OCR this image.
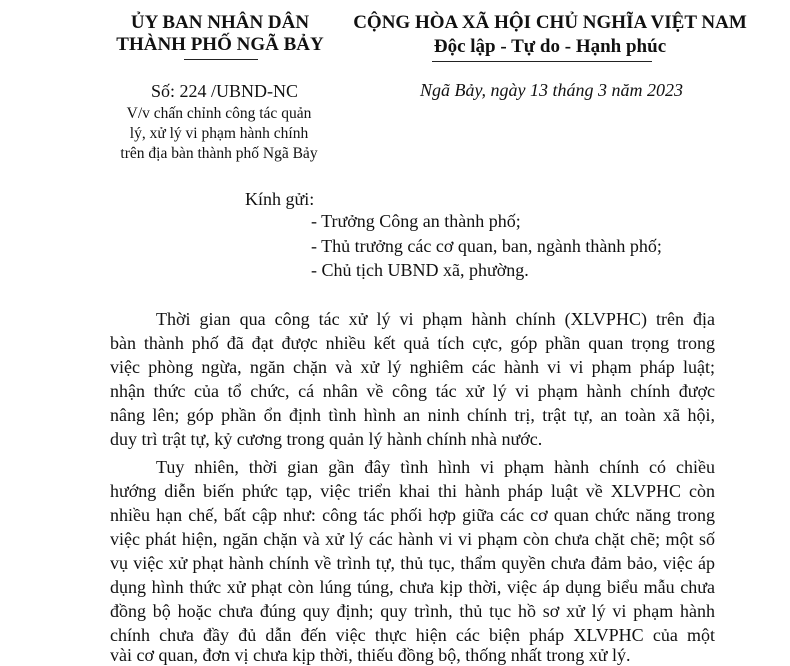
ỦY BAN NHÂN DÂN
THÀNH PHỐ NGÃ BẢY
CỘNG HÒA XÃ HỘI CHỦ NGHĨA VIỆT NAM
Độc lập - Tự do - Hạnh phúc
Số: 224 /UBND-NC
V/v chấn chỉnh công tác quản
lý, xử lý vi phạm hành chính
trên địa bàn thành phố Ngã Bảy
Ngã Bảy, ngày 13 tháng 3 năm 2023
Kính gửi:
- Trưởng Công an thành phố;
- Thủ trưởng các cơ quan, ban, ngành thành phố;
- Chủ tịch UBND xã, phường.
Thời gian qua công tác xử lý vi phạm hành chính (XLVPHC) trên địa
bàn thành phố đã đạt được nhiều kết quả tích cực, góp phần quan trọng trong
việc phòng ngừa, ngăn chặn và xử lý nghiêm các hành vi vi phạm pháp luật;
nhận thức của tổ chức, cá nhân về công tác xử lý vi phạm hành chính được
nâng lên; góp phần ổn định tình hình an ninh chính trị, trật tự, an toàn xã hội,
duy trì trật tự, kỷ cương trong quản lý hành chính nhà nước.
Tuy nhiên, thời gian gần đây tình hình vi phạm hành chính có chiều
hướng diễn biến phức tạp, việc triển khai thi hành pháp luật về XLVPHC còn
nhiều hạn chế, bất cập như: công tác phối hợp giữa các cơ quan chức năng trong
việc phát hiện, ngăn chặn và xử lý các hành vi vi phạm còn chưa chặt chẽ; một số
vụ việc xử phạt hành chính về trình tự, thủ tục, thẩm quyền chưa đảm bảo, việc áp
dụng hình thức xử phạt còn lúng túng, chưa kịp thời, việc áp dụng biểu mẫu chưa
đồng bộ hoặc chưa đúng quy định; quy trình, thủ tục hồ sơ xử lý vi phạm hành
chính chưa đầy đủ dẫn đến việc thực hiện các biện pháp XLVPHC của một
vài cơ quan, đơn vị chưa kịp thời, thiếu đồng bộ, thống nhất trong xử lý.
